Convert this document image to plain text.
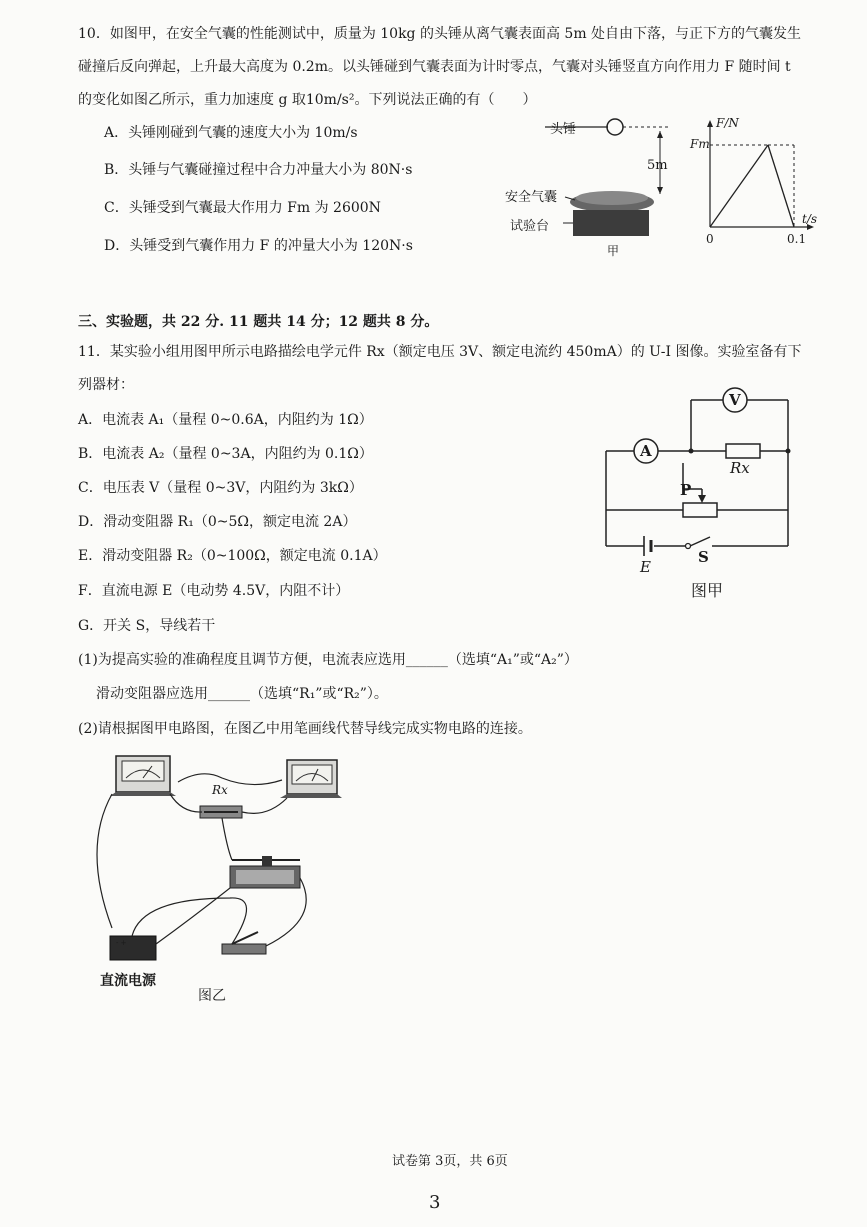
10．如图甲，在安全气囊的性能测试中，质量为 10kg 的头锤从离气囊表面高 5m 处自由下落，与正下方的气囊发生
碰撞后反向弹起，上升最大高度为 0.2m。以头锤碰到气囊表面为计时零点，气囊对头锤竖直方向作用力 F 随时间 t
的变化如图乙所示，重力加速度 g 取10m/s²。下列说法正确的有（　　）
A．头锤刚碰到气囊的速度大小为 10m/s
B．头锤与气囊碰撞过程中合力冲量大小为 80N·s
C．头锤受到气囊最大作用力 Fm 为 2600N
D．头锤受到气囊作用力 F 的冲量大小为 120N·s
头锤
5m
安全气囊
试验台
甲
F/N
Fm
t/s
0	0.1
三、实验题，共 22 分. 11 题共 14 分；12 题共 8 分。
11．某实验小组用图甲所示电路描绘电学元件 Rx（额定电压 3V、额定电流约 450mA）的 U-I 图像。实验室备有下
列器材：
A．电流表 A₁（量程 0~0.6A，内阻约为 1Ω）
B．电流表 A₂（量程 0~3A，内阻约为 0.1Ω）
C．电压表 V（量程 0~3V，内阻约为 3kΩ）
D．滑动变阻器 R₁（0~5Ω，额定电流 2A）
E．滑动变阻器 R₂（0~100Ω，额定电流 0.1A）
F．直流电源 E（电动势 4.5V，内阻不计）
G．开关 S，导线若干
(1)为提高实验的准确程度且调节方便，电流表应选用______（选填“A₁”或“A₂”）
滑动变阻器应选用______（选填“R₁”或“R₂”）。
(2)请根据图甲电路图，在图乙中用笔画线代替导线完成实物电路的连接。
V
A
Rx
P
E
S
图甲
- +
Rx
直流电源
图乙
试卷第 3页，共 6页
3
